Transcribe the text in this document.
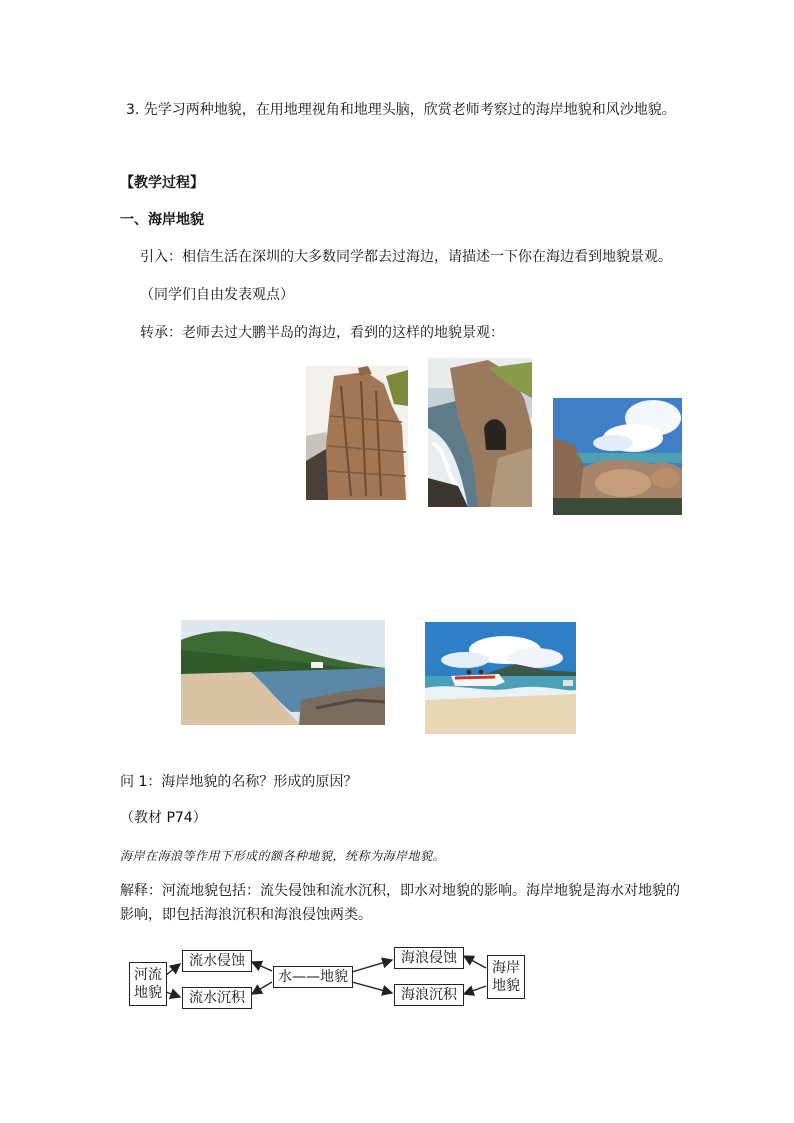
3. 先学习两种地貌，在用地理视角和地理头脑，欣赏老师考察过的海岸地貌和风沙地貌。
【教学过程】
一、海岸地貌
引入：相信生活在深圳的大多数同学都去过海边，请描述一下你在海边看到地貌景观。
（同学们自由发表观点）
转承：老师去过大鹏半岛的海边，看到的这样的地貌景观：
问 1：海岸地貌的名称？形成的原因？
（教材 P74）
海岸在海浪等作用下形成的额各种地貌，统称为海岸地貌。
解释：河流地貌包括：流失侵蚀和流水沉积，即水对地貌的影响。海岸地貌是海水对地貌的
影响，即包括海浪沉积和海浪侵蚀两类。
河流
地貌
流水侵蚀
流水沉积
水——地貌
海浪侵蚀
海浪沉积
海岸
地貌
